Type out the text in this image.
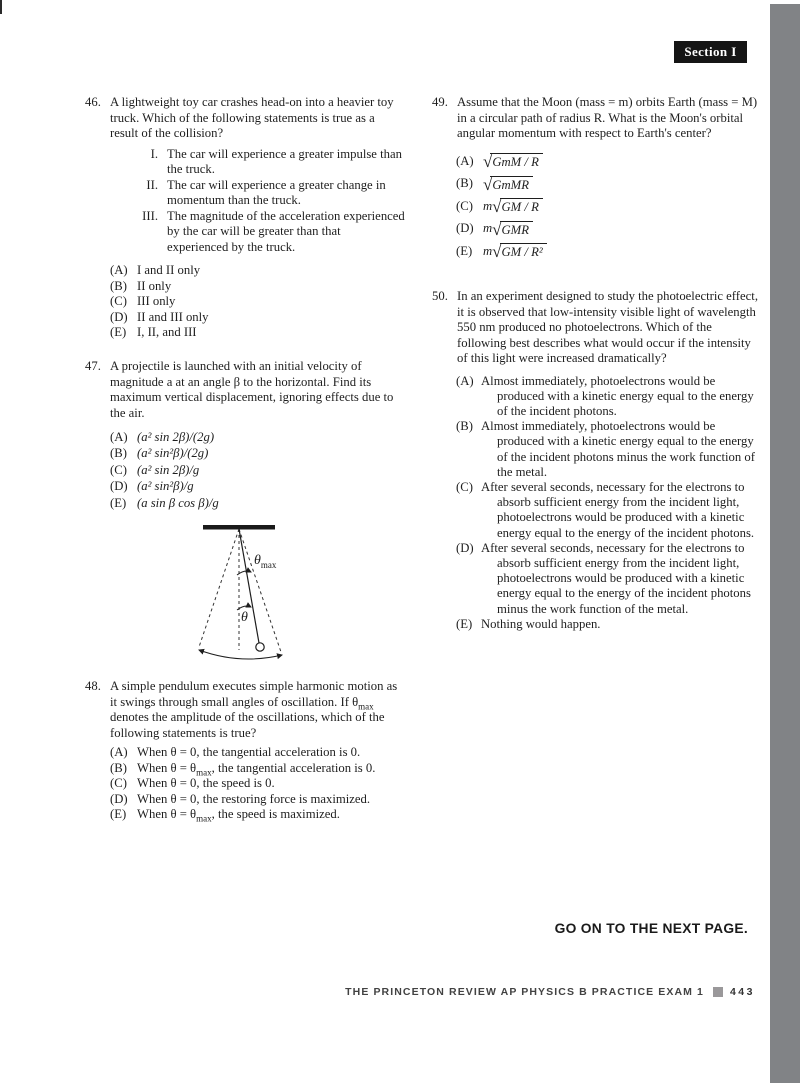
Section I
46. A lightweight toy car crashes head-on into a heavier toy truck. Which of the following statements is true as a result of the collision?
I. The car will experience a greater impulse than the truck.
II. The car will experience a greater change in momentum than the truck.
III. The magnitude of the acceleration experienced by the car will be greater than that experienced by the truck.
(A) I and II only
(B) II only
(C) III only
(D) II and III only
(E) I, II, and III
47. A projectile is launched with an initial velocity of magnitude a at an angle β to the horizontal. Find its maximum vertical displacement, ignoring effects due to the air.
(A) (a² sin 2β)/(2g)
(B) (a² sin²β)/(2g)
(C) (a² sin 2β)/g
(D) (a² sin²β)/g
(E) (a sin β cos β)/g
$\theta_{max}$
θ
48. A simple pendulum executes simple harmonic motion as it swings through small angles of oscillation. If $\theta_{max}$ denotes the amplitude of the oscillations, which of the following statements is true?
(A) When θ = 0, the tangential acceleration is 0.
(B) When $\theta = \theta_{max}$, the tangential acceleration is 0.
(C) When θ = 0, the speed is 0.
(D) When θ = 0, the restoring force is maximized.
(E) When $\theta = \theta_{max}$, the speed is maximized.
49. Assume that the Moon (mass = m) orbits Earth (mass = M) in a circular path of radius R. What is the Moon's orbital angular momentum with respect to Earth's center?
(A) √ GmM / R
(B) √ GmMR
(C) m √ GM / R
(D) m √ GMR
(E) m √ GM / R²
50. In an experiment designed to study the photoelectric effect, it is observed that low-intensity visible light of wavelength 550 nm produced no photoelectrons. Which of the following best describes what would occur if the intensity of this light were increased dramatically?
(A) Almost immediately, photoelectrons would be produced with a kinetic energy equal to the energy of the incident photons.
(B) Almost immediately, photoelectrons would be produced with a kinetic energy equal to the energy of the incident photons minus the work function of the metal.
(C) After several seconds, necessary for the electrons to absorb sufficient energy from the incident light, photoelectrons would be produced with a kinetic energy equal to the energy of the incident photons.
(D) After several seconds, necessary for the electrons to absorb sufficient energy from the incident light, photoelectrons would be produced with a kinetic energy equal to the energy of the incident photons minus the work function of the metal.
(E) Nothing would happen.
GO ON TO THE NEXT PAGE.
THE PRINCETON REVIEW AP PHYSICS B PRACTICE EXAM 1 443
